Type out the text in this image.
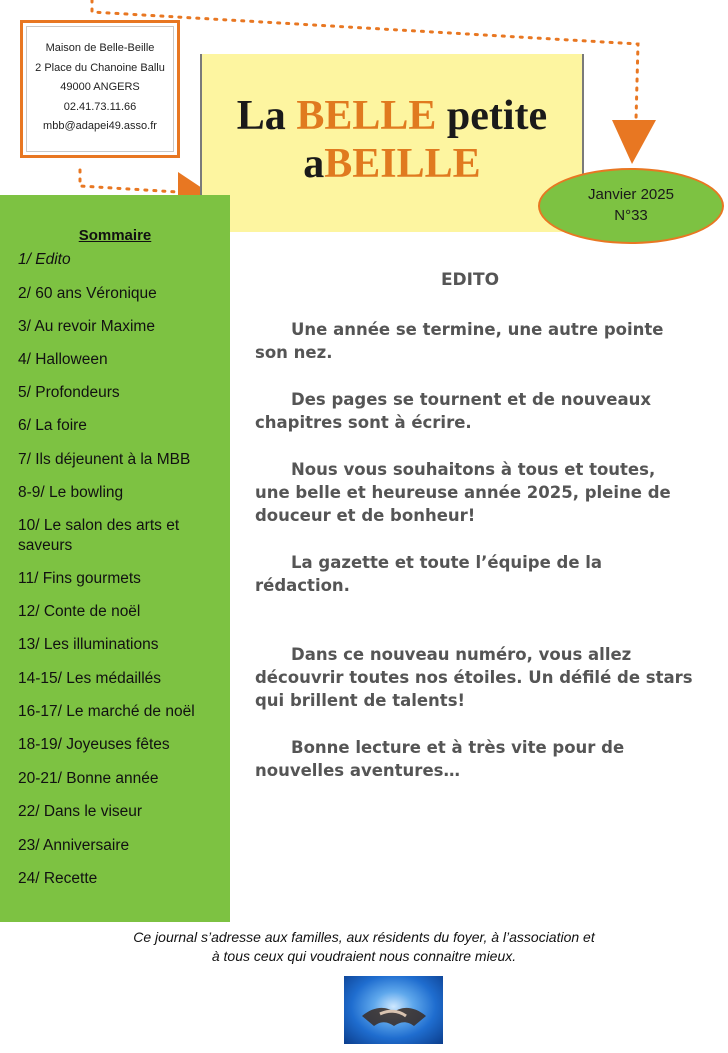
Maison de Belle-Beille
2 Place du Chanoine Ballu
49000 ANGERS
02.41.73.11.66
mbb@adapei49.asso.fr	La BELLE petite
aBEILLE
Janvier 2025
N°33
Sommaire
1/ Edito
2/ 60 ans Véronique
3/ Au revoir Maxime
4/ Halloween
5/ Profondeurs
6/ La foire
7/ Ils déjeunent à la MBB
8-9/ Le bowling
10/ Le salon des arts et saveurs
11/ Fins gourmets
12/ Conte de noël
13/ Les illuminations
14-15/ Les médaillés
16-17/ Le marché de noël
18-19/ Joyeuses fêtes
20-21/ Bonne année
22/ Dans le viseur
23/ Anniversaire
24/ Recette
EDITO

Une année se termine, une autre pointe son nez.

Des pages se tournent et de nouveaux chapitres sont à écrire.

Nous vous souhaitons à tous et toutes, une belle et heureuse année 2025, pleine de douceur et de bonheur!

La gazette et toute l’équipe de la rédaction.

Dans ce nouveau numéro, vous allez découvrir toutes nos étoiles. Un défilé de stars qui brillent de talents!

Bonne lecture et à très vite pour de nouvelles aventures…

Ce journal s’adresse aux familles, aux résidents du foyer, à l’association et
à tous ceux qui voudraient nous connaitre mieux.
